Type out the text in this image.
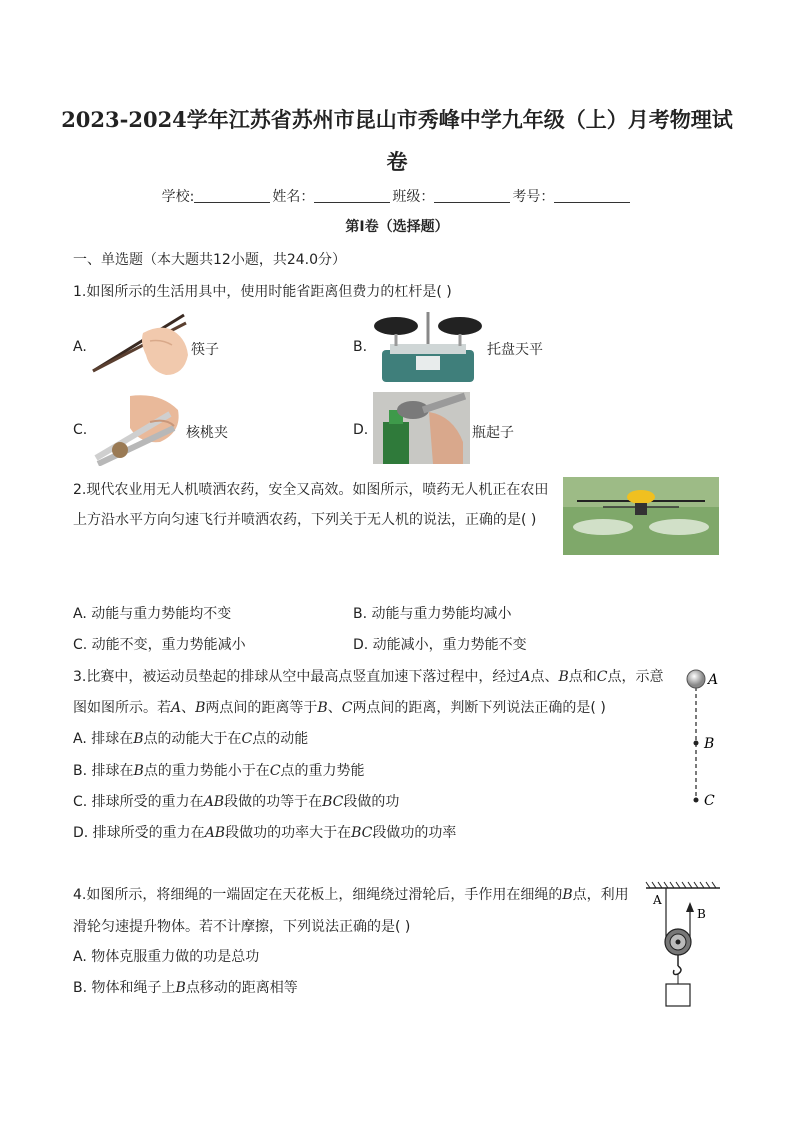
2023-2024学年江苏省苏州市昆山市秀峰中学九年级（上）月考物理试
卷
学校:	姓名：	班级：	考号：
第I卷（选择题）
一、单选题（本大题共12小题，共24.0分）
1.如图所示的生活用具中，使用时能省距离但费力的杠杆是( )
A.	筷子	B.	托盘天平
C.	核桃夹	D.	瓶起子
2.现代农业用无人机喷洒农药，安全又高效。如图所示，喷药无人机正在农田
上方沿水平方向匀速飞行并喷洒农药，下列关于无人机的说法，正确的是( )
A. 动能与重力势能均不变	B. 动能与重力势能均减小
C. 动能不变，重力势能减小	D. 动能减小，重力势能不变
3.比赛中，被运动员垫起的排球从空中最高点竖直加速下落过程中，经过A点、B点和C点，示意
图如图所示。若A、B两点间的距离等于B、C两点间的距离，判断下列说法正确的是( )
A. 排球在B点的动能大于在C点的动能
B. 排球在B点的重力势能小于在C点的重力势能
C. 排球所受的重力在AB段做的功等于在BC段做的功
D. 排球所受的重力在AB段做功的功率大于在BC段做功的功率
A
B
C
4.如图所示，将细绳的一端固定在天花板上，细绳绕过滑轮后，手作用在细绳的B点，利用
滑轮匀速提升物体。若不计摩擦，下列说法正确的是( )
A. 物体克服重力做的功是总功
B. 物体和绳子上B点移动的距离相等
A
B
